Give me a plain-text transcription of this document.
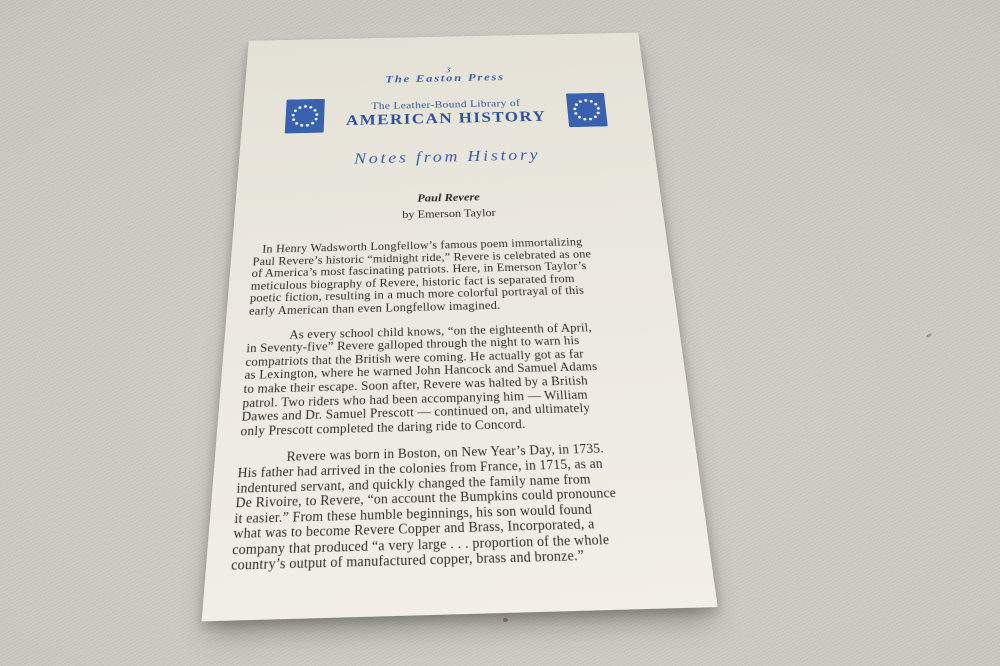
ʒ
The Easton Press
The Leather-Bound Library of
AMERICAN HISTORY
Notes from History
Paul Revere
by Emerson Taylor

In Henry Wadsworth Longfellow’s famous poem immortalizing
Paul Revere’s historic “midnight ride,” Revere is celebrated as one
of America’s most fascinating patriots. Here, in Emerson Taylor’s
meticulous biography of Revere, historic fact is separated from
poetic fiction, resulting in a much more colorful portrayal of this
early American than even Longfellow imagined.

As every school child knows, “on the eighteenth of April,
in Seventy-five” Revere galloped through the night to warn his
compatriots that the British were coming. He actually got as far
as Lexington, where he warned John Hancock and Samuel Adams
to make their escape. Soon after, Revere was halted by a British
patrol. Two riders who had been accompanying him — William
Dawes and Dr. Samuel Prescott — continued on, and ultimately
only Prescott completed the daring ride to Concord.

Revere was born in Boston, on New Year’s Day, in 1735.
His father had arrived in the colonies from France, in 1715, as an
indentured servant, and quickly changed the family name from
De Rivoire, to Revere, “on account the Bumpkins could pronounce
it easier.” From these humble beginnings, his son would found
what was to become Revere Copper and Brass, Incorporated, a
company that produced “a very large . . . proportion of the whole
country’s output of manufactured copper, brass and bronze.”
